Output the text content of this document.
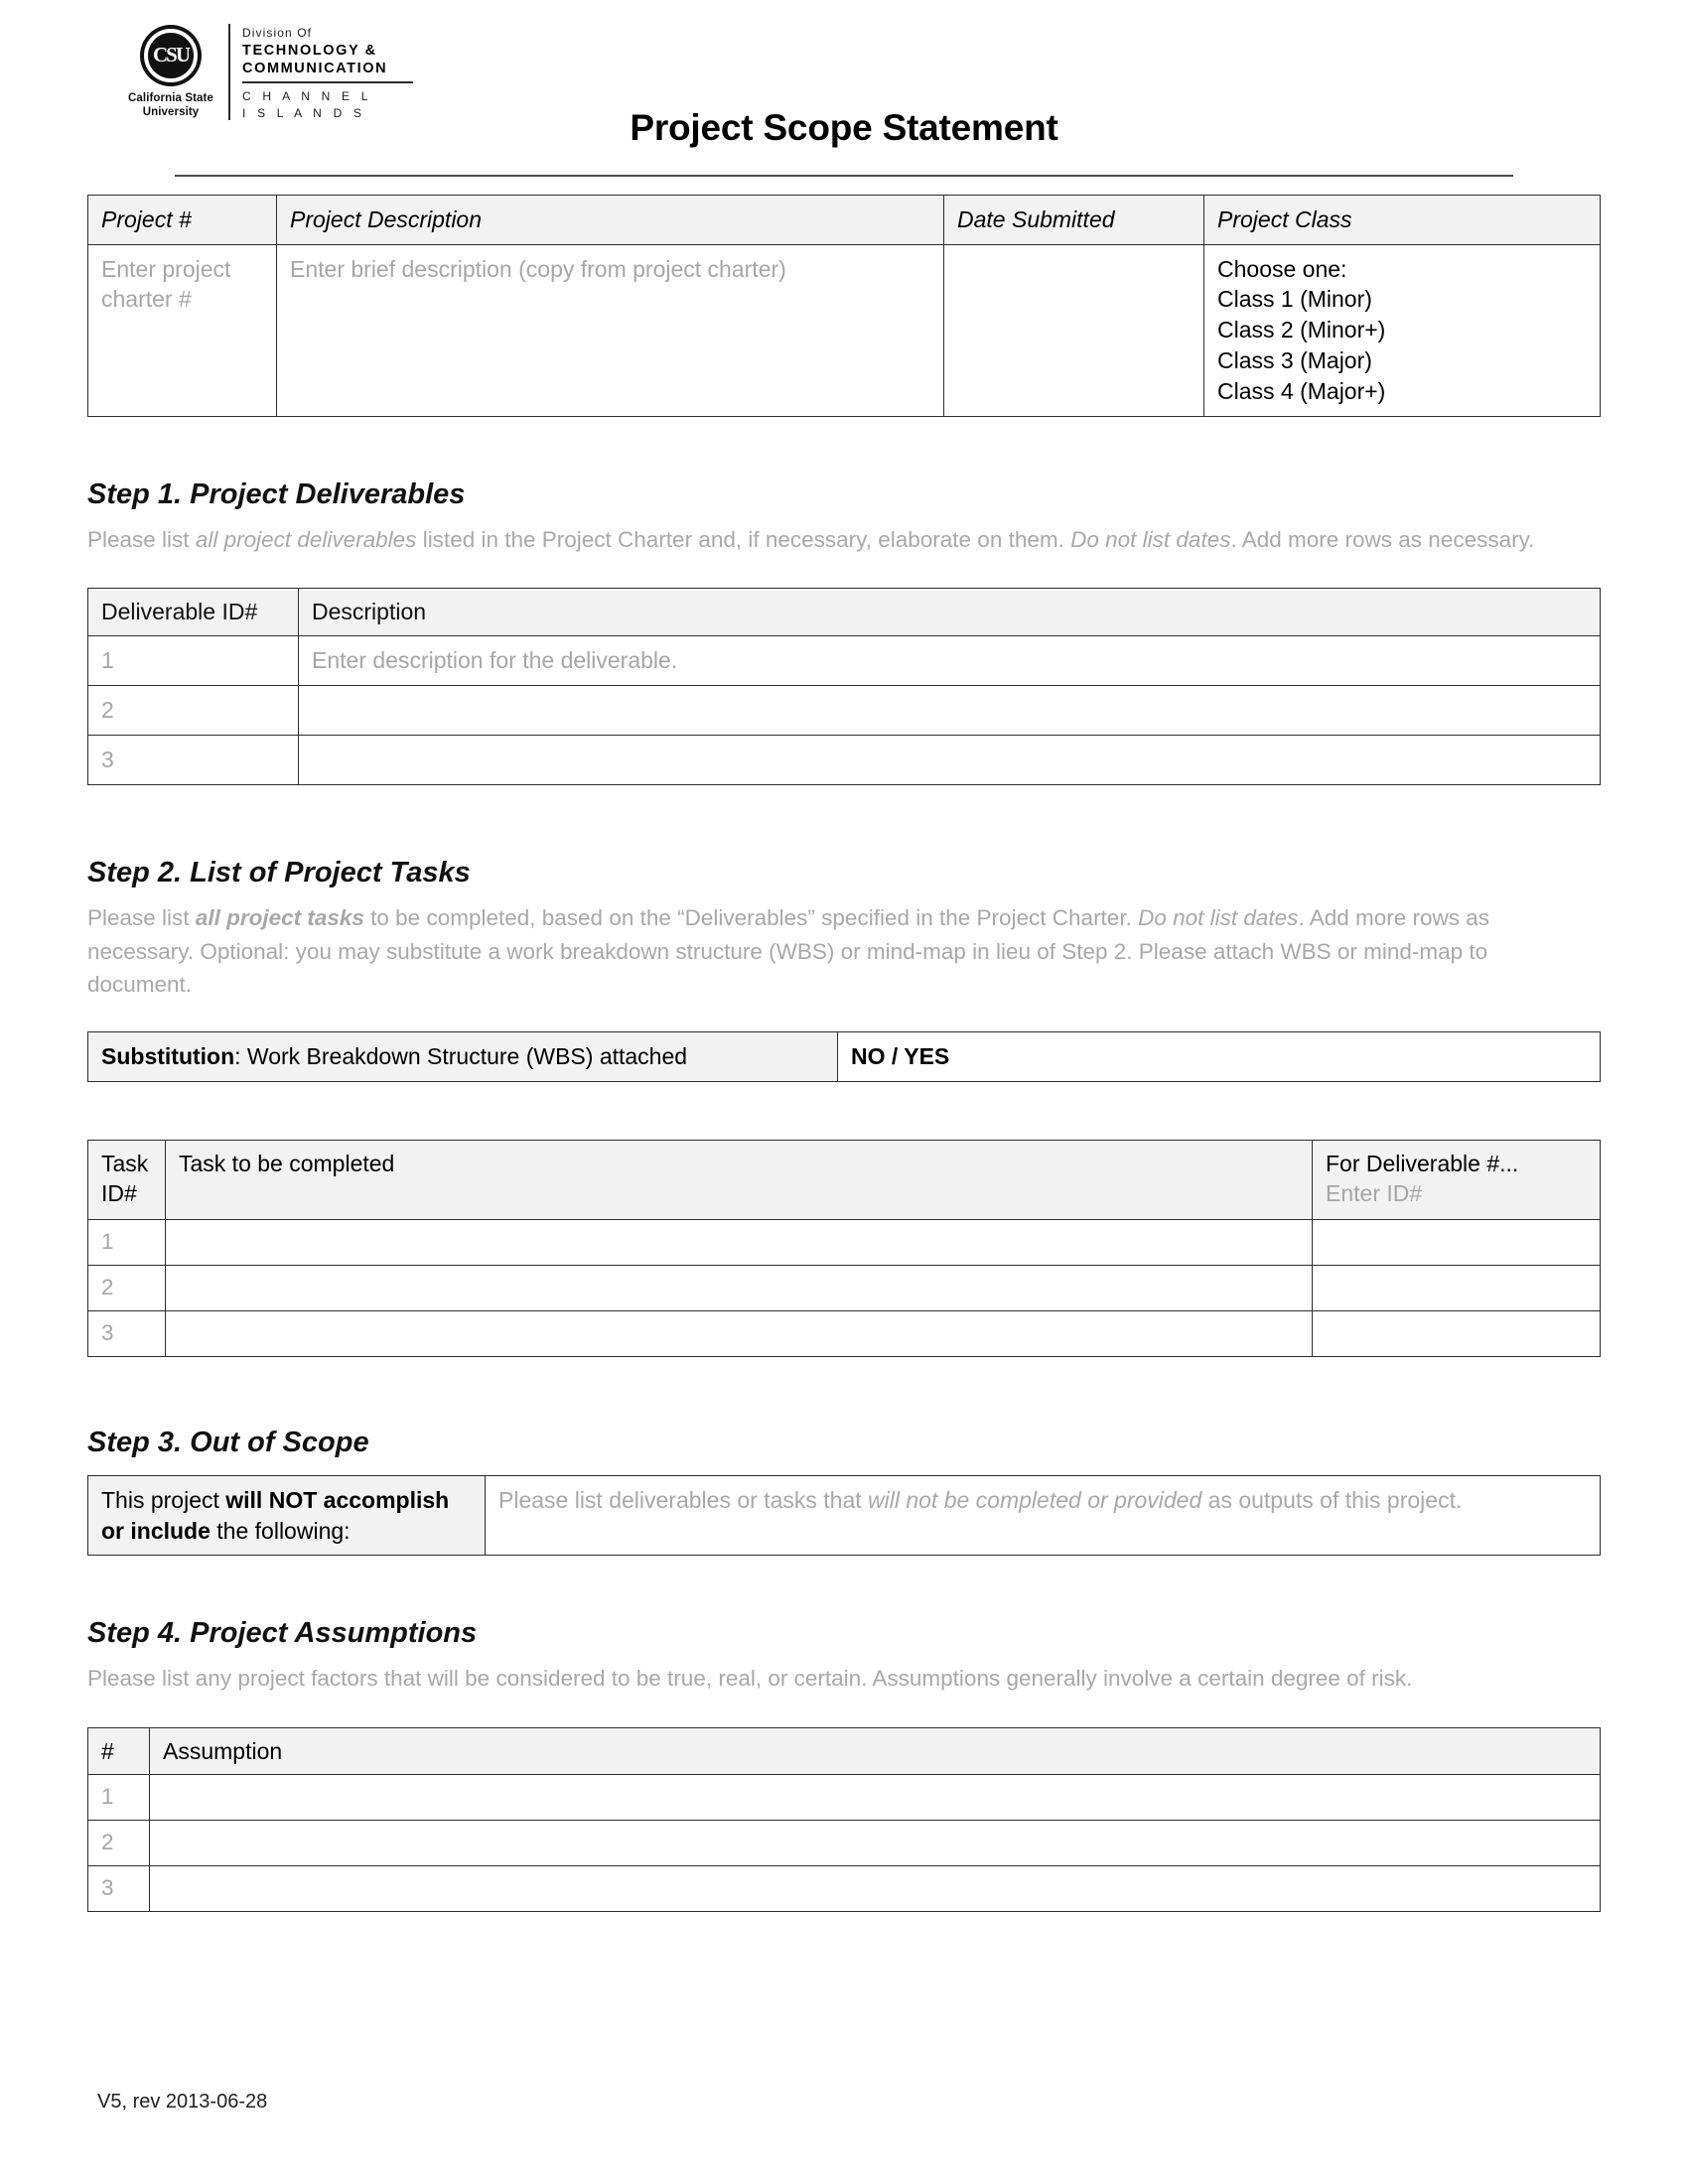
CSU
California State
University
Division Of
TECHNOLOGY &
COMMUNICATION
C H A N N E L
I S L A N D S	Project Scope Statement
Project #	Project Description	Date Submitted	Project Class
Enter project charter #	Enter brief description (copy from project charter)		Choose one:
Class 1 (Minor)
Class 2 (Minor+)
Class 3 (Major)
Class 4 (Major+)
Step 1. Project Deliverables

Please list all project deliverables listed in the Project Charter and, if necessary, elaborate on them. Do not list dates. Add more rows as necessary.

Deliverable ID#	Description
1	Enter description for the deliverable.
2	
3	
Step 2. List of Project Tasks

Please list all project tasks to be completed, based on the “Deliverables” specified in the Project Charter. Do not list dates. Add more rows as necessary. Optional: you may substitute a work breakdown structure (WBS) or mind-map in lieu of Step 2. Please attach WBS or mind-map to document.

Substitution: Work Breakdown Structure (WBS) attached	NO / YES
Task
ID#	Task to be completed	For Deliverable #...
Enter ID#
1		
2		
3		
Step 3. Out of Scope
This project will NOT accomplish or include the following:	Please list deliverables or tasks that will not be completed or provided as outputs of this project.
Step 4. Project Assumptions

Please list any project factors that will be considered to be true, real, or certain. Assumptions generally involve a certain degree of risk.

#	Assumption
1	
2	
3	
V5, rev 2013-06-28
